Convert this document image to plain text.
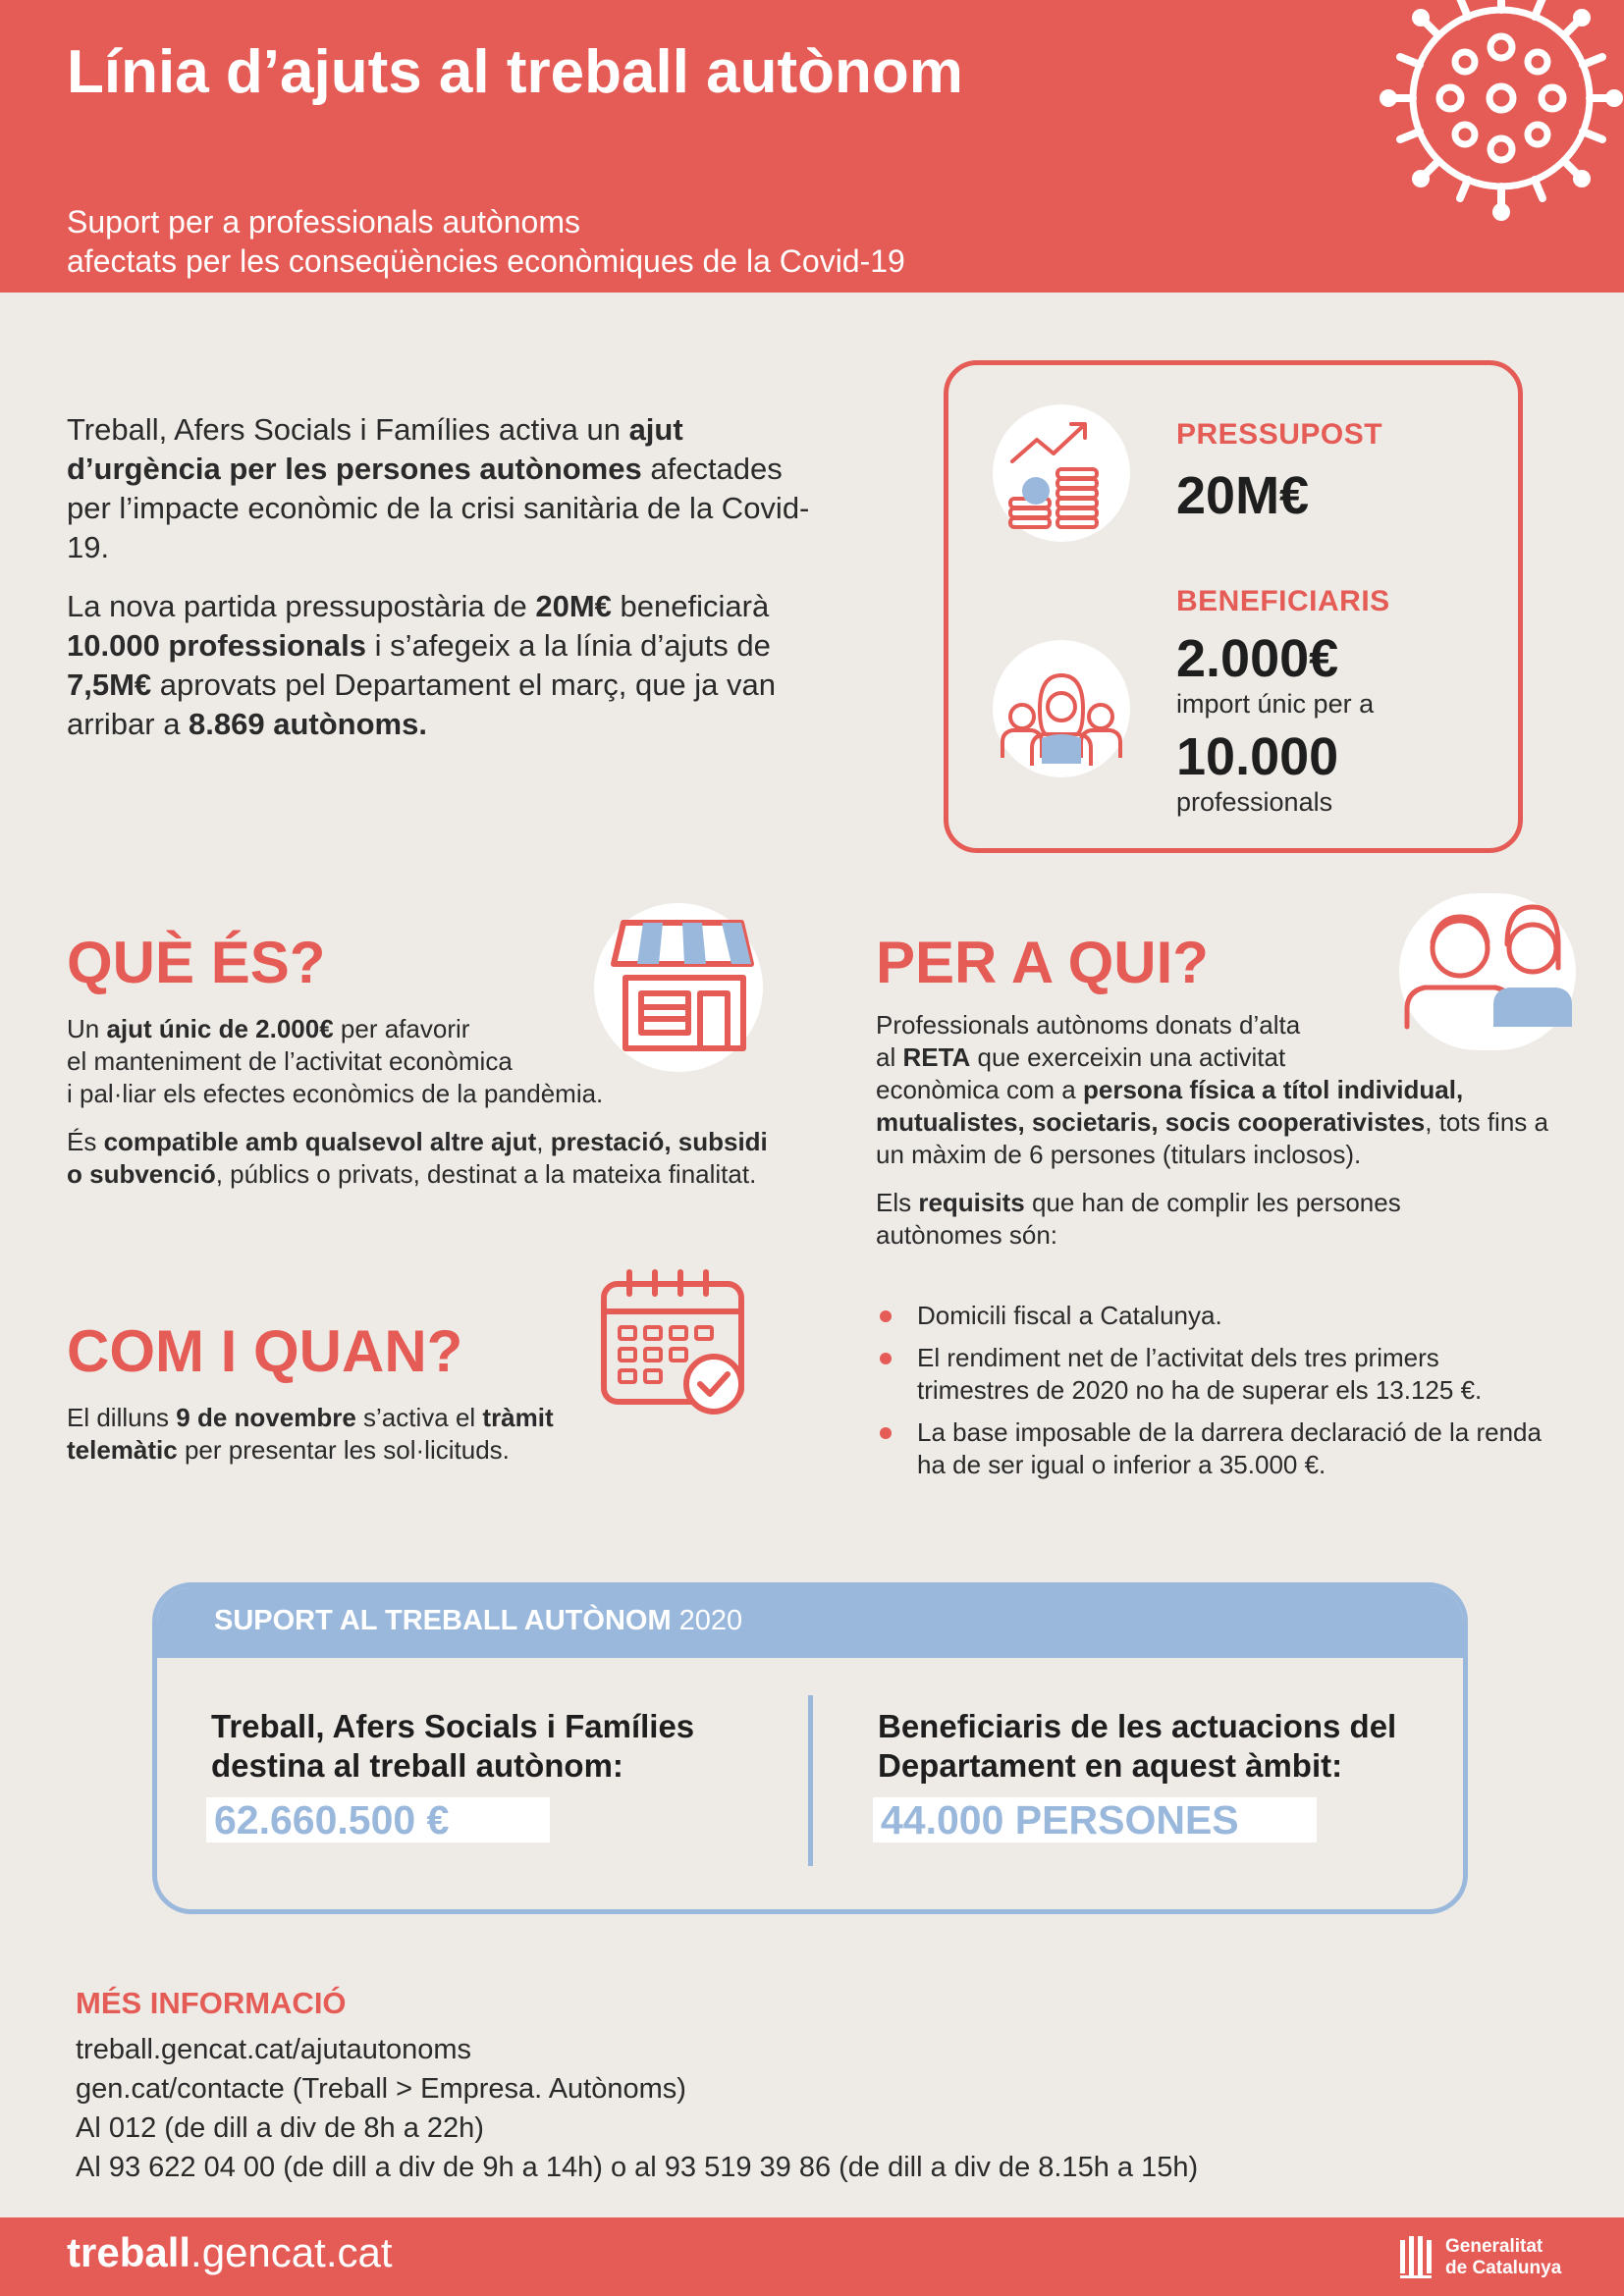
Línia d’ajuts al treball autònom
Suport per a professionals autònoms
afectats per les conseqüències econòmiques de la Covid-19

Treball, Afers Socials i Famílies activa un ajut d’urgència per les persones autònomes afectades per l’impacte econòmic de la crisi sanitària de la Covid-19.

La nova partida pressupostària de 20M€ beneficiarà 10.000 professionals i s’afegeix a la línia d’ajuts de 7,5M€ aprovats pel Departament el març, que ja van arribar a 8.869 autònoms.

PRESSUPOST
20M€
BENEFICIARIS
2.000€
import únic per a
10.000
professionals
QUÈ ÉS?

Un ajut únic de 2.000€ per afavorir
el manteniment de l’activitat econòmica
i pal·liar els efectes econòmics de la pandèmia.

És compatible amb qualsevol altre ajut, prestació, subsidi o subvenció, públics o privats, destinat a la mateixa finalitat.

COM I QUAN?

El dilluns 9 de novembre s’activa el tràmit telemàtic per presentar les sol·licituds.

PER A QUI?

Professionals autònoms donats d’alta
al RETA que exerceixin una activitat
econòmica com a persona física a títol individual, mutualistes, societaris, socis cooperativistes, tots fins a un màxim de 6 persones (titulars inclosos).

Els requisits que han de complir les persones autònomes són:

Domicili fiscal a Catalunya.
El rendiment net de l’activitat dels tres primers trimestres de 2020 no ha de superar els 13.125 €.
La base imposable de la darrera declaració de la renda ha de ser igual o inferior a 35.000 €.
SUPORT AL TREBALL AUTÒNOM 2020
Treball, Afers Socials i Famílies destina al treball autònom:
62.660.500 €
Beneficiaris de les actuacions del Departament en aquest àmbit:
44.000 PERSONES
MÉS INFORMACIÓ
treball.gencat.cat/ajutautonoms
gen.cat/contacte (Treball > Empresa. Autònoms)
Al 012 (de dill a div de 8h a 22h)
Al 93 622 04 00 (de dill a div de 9h a 14h) o al 93 519 39 86 (de dill a div de 8.15h a 15h)
treball.gencat.cat	Generalitat
de Catalunya
